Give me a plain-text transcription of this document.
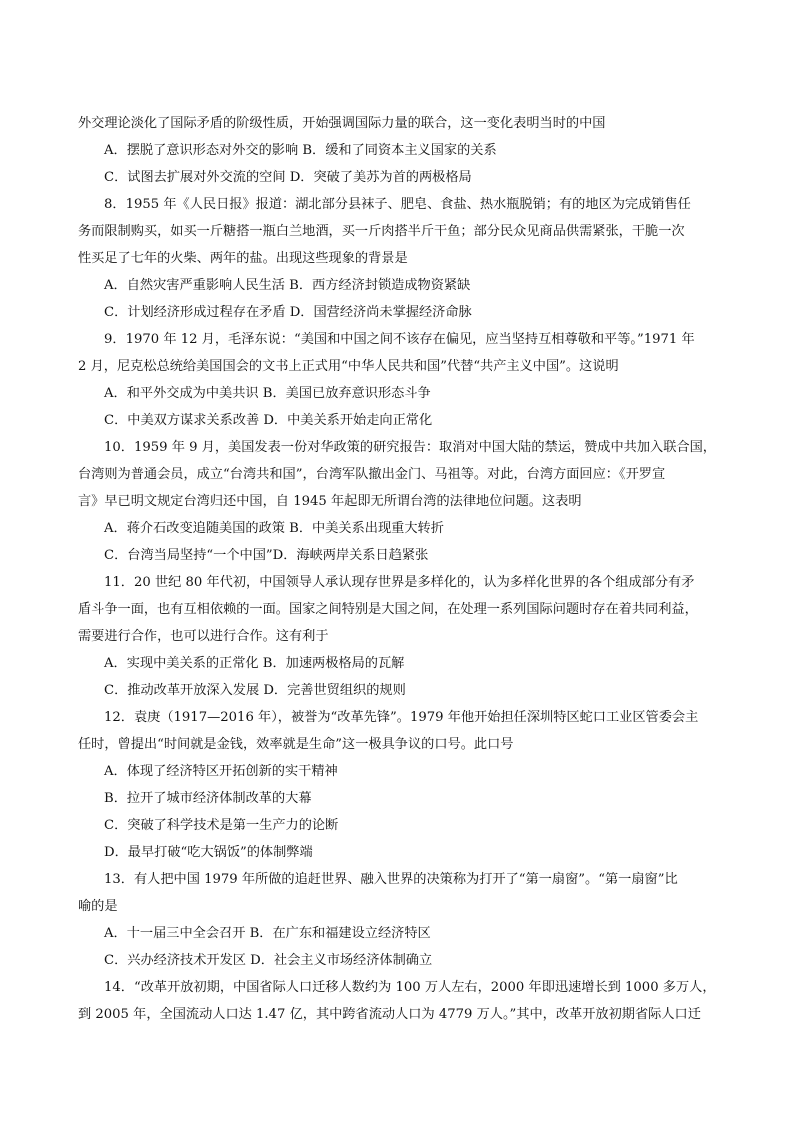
外交理论淡化了国际矛盾的阶级性质，开始强调国际力量的联合，这一变化表明当时的中国
A．摆脱了意识形态对外交的影响 B．缓和了同资本主义国家的关系
C．试图去扩展对外交流的空间 D．突破了美苏为首的两极格局
8．1955 年《人民日报》报道：湖北部分县袜子、肥皂、食盐、热水瓶脱销；有的地区为完成销售任
务而限制购买，如买一斤糖搭一瓶白兰地酒，买一斤肉搭半斤干鱼；部分民众见商品供需紧张，干脆一次
性买足了七年的火柴、两年的盐。出现这些现象的背景是
A．自然灾害严重影响人民生活 B．西方经济封锁造成物资紧缺
C．计划经济形成过程存在矛盾 D．国营经济尚未掌握经济命脉
9．1970 年 12 月，毛泽东说：“美国和中国之间不该存在偏见，应当坚持互相尊敬和平等。”1971 年
2 月，尼克松总统给美国国会的文书上正式用“中华人民共和国”代替“共产主义中国”。这说明
A．和平外交成为中美共识 B．美国已放弃意识形态斗争
C．中美双方谋求关系改善 D．中美关系开始走向正常化
10．1959 年 9 月，美国发表一份对华政策的研究报告：取消对中国大陆的禁运，赞成中共加入联合国，
台湾则为普通会员，成立“台湾共和国”，台湾军队撤出金门、马祖等。对此，台湾方面回应：《开罗宣
言》早已明文规定台湾归还中国，自 1945 年起即无所谓台湾的法律地位问题。这表明
A．蒋介石改变追随美国的政策 B．中美关系出现重大转折
C．台湾当局坚持“一个中国”D．海峡两岸关系日趋紧张
11．20 世纪 80 年代初，中国领导人承认现存世界是多样化的，认为多样化世界的各个组成部分有矛
盾斗争一面，也有互相依赖的一面。国家之间特别是大国之间，在处理一系列国际问题时存在着共同利益，
需要进行合作，也可以进行合作。这有利于
A．实现中美关系的正常化 B．加速两极格局的瓦解
C．推动改革开放深入发展 D．完善世贸组织的规则
12．袁庚（1917—2016 年），被誉为“改革先锋”。1979 年他开始担任深圳特区蛇口工业区管委会主
任时，曾提出“时间就是金钱，效率就是生命”这一极具争议的口号。此口号
A．体现了经济特区开拓创新的实干精神
B．拉开了城市经济体制改革的大幕
C．突破了科学技术是第一生产力的论断
D．最早打破“吃大锅饭”的体制弊端
13．有人把中国 1979 年所做的追赶世界、融入世界的决策称为打开了“第一扇窗”。“第一扇窗”比
喻的是
A．十一届三中全会召开 B．在广东和福建设立经济特区
C．兴办经济技术开发区 D．社会主义市场经济体制确立
14．“改革开放初期，中国省际人口迁移人数约为 100 万人左右，2000 年即迅速增长到 1000 多万人，
到 2005 年，全国流动人口达 1.47 亿，其中跨省流动人口为 4779 万人。”其中，改革开放初期省际人口迁
